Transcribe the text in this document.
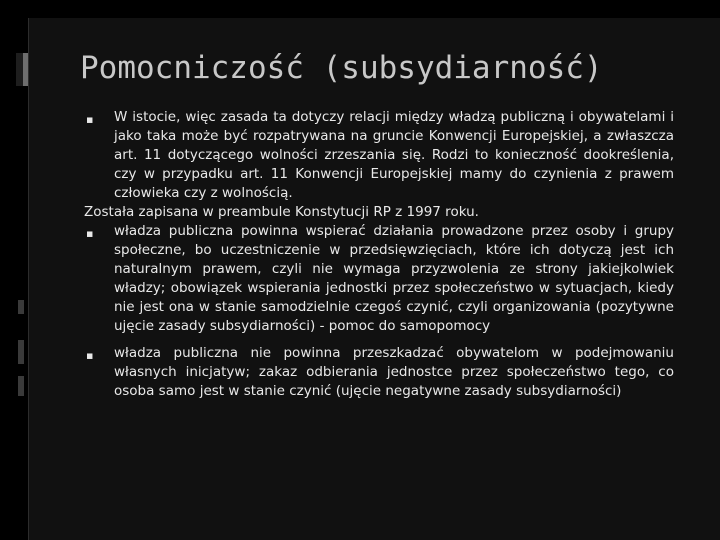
Pomocniczość (subsydiarność)
▪ W istocie, więc zasada ta dotyczy relacji między władzą publiczną i obywatelami i jako taka może być rozpatrywana na gruncie Konwencji Europejskiej, a zwłaszcza art. 11 dotyczącego wolności zrzeszania się. Rodzi to konieczność dookreślenia, czy w przypadku art. 11 Konwencji Europejskiej mamy do czynienia z prawem człowieka czy z wolnością.
Została zapisana w preambule Konstytucji RP z 1997 roku.
▪ władza publiczna powinna wspierać działania prowadzone przez osoby i grupy społeczne, bo uczestniczenie w przedsięwzięciach, które ich dotyczą jest ich naturalnym prawem, czyli nie wymaga przyzwolenia ze strony jakiejkolwiek władzy; obowiązek wspierania jednostki przez społeczeństwo w sytuacjach, kiedy nie jest ona w stanie samodzielnie czegoś czynić, czyli organizowania (pozytywne ujęcie zasady subsydiarności) - pomoc do samopomocy
▪ władza publiczna nie powinna przeszkadzać obywatelom w podejmowaniu własnych inicjatyw; zakaz odbierania jednostce przez społeczeństwo tego, co osoba samo jest w stanie czynić (ujęcie negatywne zasady subsydiarności)
